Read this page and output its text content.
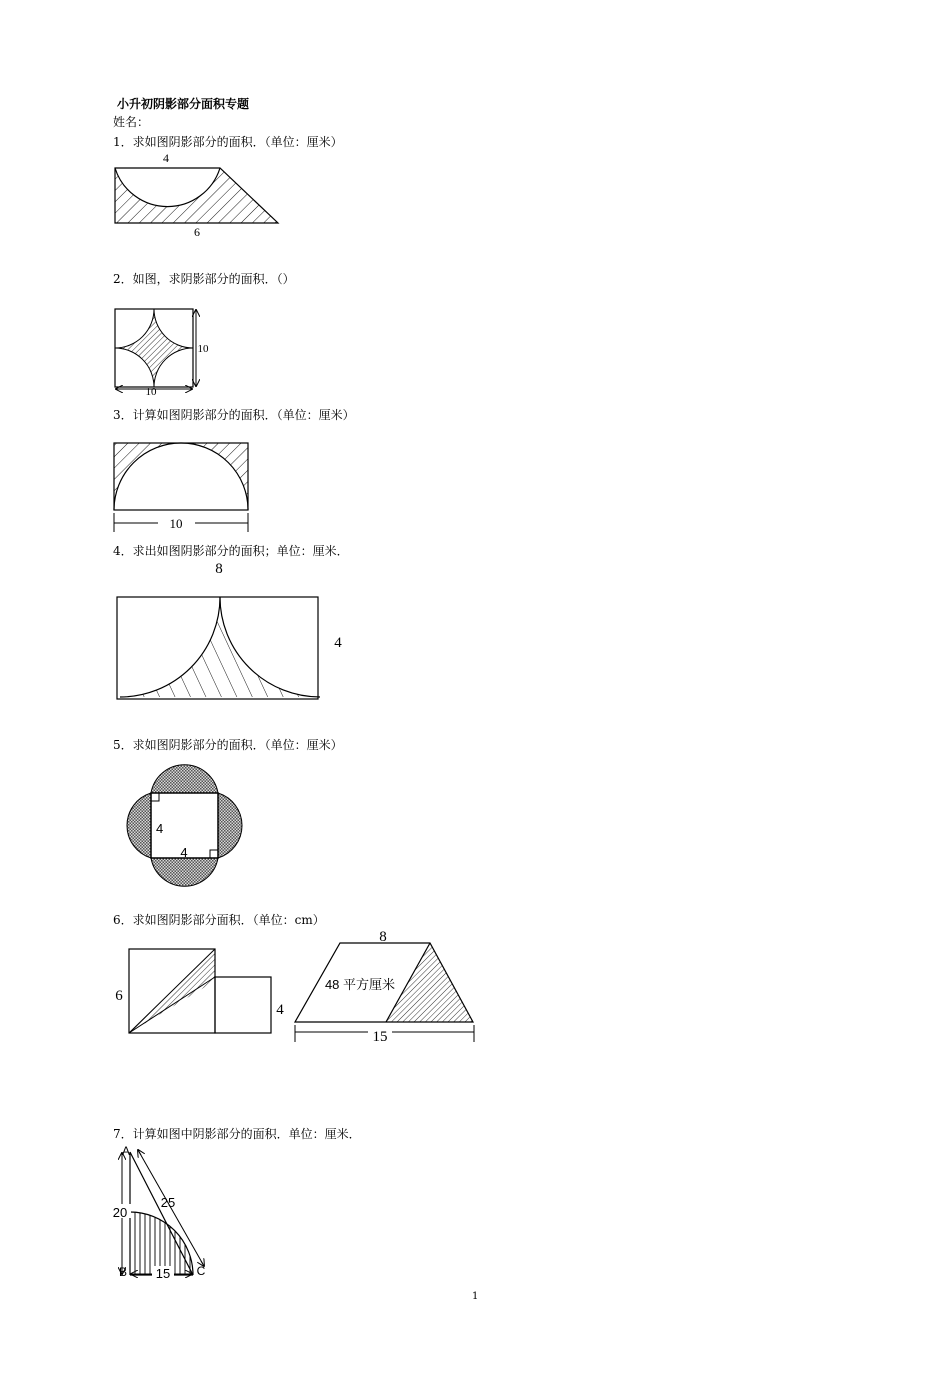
小升初阴影部分面积专题
姓名：
1．求如图阴影部分的面积．（单位：厘米）
4
6
2．如图，求阴影部分的面积．（）
10
10
3．计算如图阴影部分的面积．（单位：厘米）
10
4．求出如图阴影部分的面积；单位：厘米．
8
4
5．求如图阴影部分的面积．（单位：厘米）
4
4
6．求如图阴影部分面积．（单位：cm）
6
4
8
48 平方厘米
15
7．计算如图中阴影部分的面积．单位：厘米．
A
25
20
B 15 C
1
